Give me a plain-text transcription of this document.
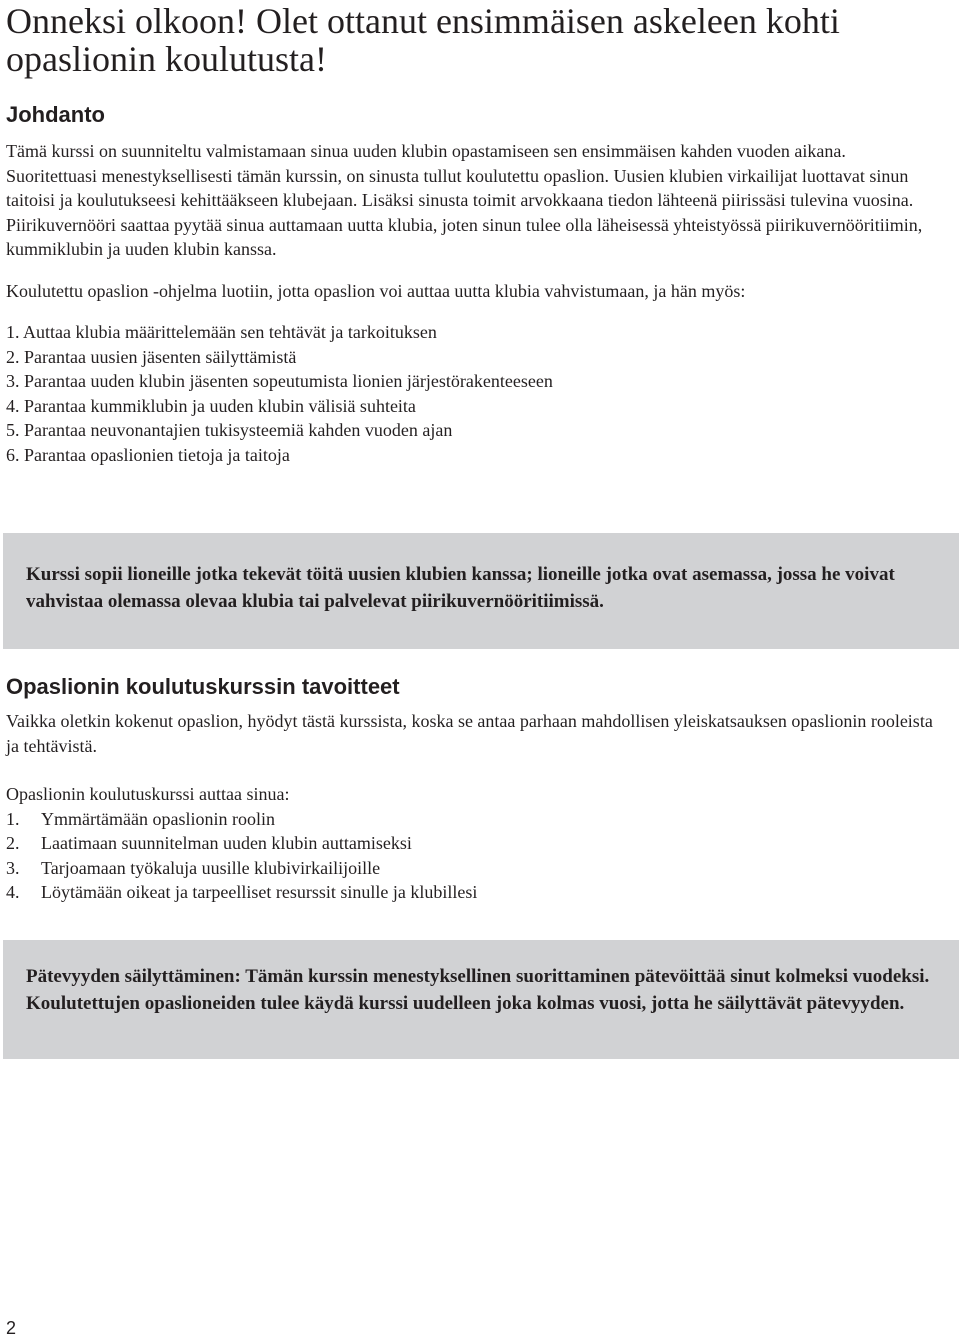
Onneksi olkoon! Olet ottanut ensimmäisen askeleen kohti opaslionin koulutusta!
Johdanto

Tämä kurssi on suunniteltu valmistamaan sinua uuden klubin opastamiseen sen ensimmäisen kahden vuoden aikana. Suoritettuasi menestyksellisesti tämän kurssin, on sinusta tullut koulutettu opaslion. Uusien klubien virkailijat luottavat sinun taitoisi ja koulutukseesi kehittääkseen klubejaan. Lisäksi sinusta toimit arvokkaana tiedon lähteenä piirissäsi tulevina vuosina. Piirikuvernööri saattaa pyytää sinua auttamaan uutta klubia, joten sinun tulee olla läheisessä yhteistyössä piirikuvernööritiimin, kummiklubin ja uuden klubin kanssa.

Koulutettu opaslion -ohjelma luotiin, jotta opaslion voi auttaa uutta klubia vahvistumaan, ja hän myös:

1. Auttaa klubia määrittelemään sen tehtävät ja tarkoituksen
2. Parantaa uusien jäsenten säilyttämistä
3. Parantaa uuden klubin jäsenten sopeutumista lionien järjestörakenteeseen
4. Parantaa kummiklubin ja uuden klubin välisiä suhteita
5. Parantaa neuvonantajien tukisysteemiä kahden vuoden ajan
6. Parantaa opaslionien tietoja ja taitoja

Kurssi sopii lioneille jotka tekevät töitä uusien klubien kanssa; lioneille jotka ovat asemassa, jossa he voivat vahvistaa olemassa olevaa klubia tai palvelevat piirikuvernööritiimissä.

Opaslionin koulutuskurssin tavoitteet

Vaikka oletkin kokenut opaslion, hyödyt tästä kurssista, koska se antaa parhaan mahdollisen yleiskatsauksen opaslionin rooleista ja tehtävistä.

Opaslionin koulutuskurssi auttaa sinua:

1.	Ymmärtämään opaslionin roolin
2.	Laatimaan suunnitelman uuden klubin auttamiseksi
3.	Tarjoamaan työkaluja uusille klubivirkailijoille
4.	Löytämään oikeat ja tarpeelliset resurssit sinulle ja klubillesi

Pätevyyden säilyttäminen: Tämän kurssin menestyksellinen suorittaminen pätevöittää sinut kolmeksi vuodeksi. Koulutettujen opaslioneiden tulee käydä kurssi uudelleen joka kolmas vuosi, jotta he säilyttävät pätevyyden.

2
